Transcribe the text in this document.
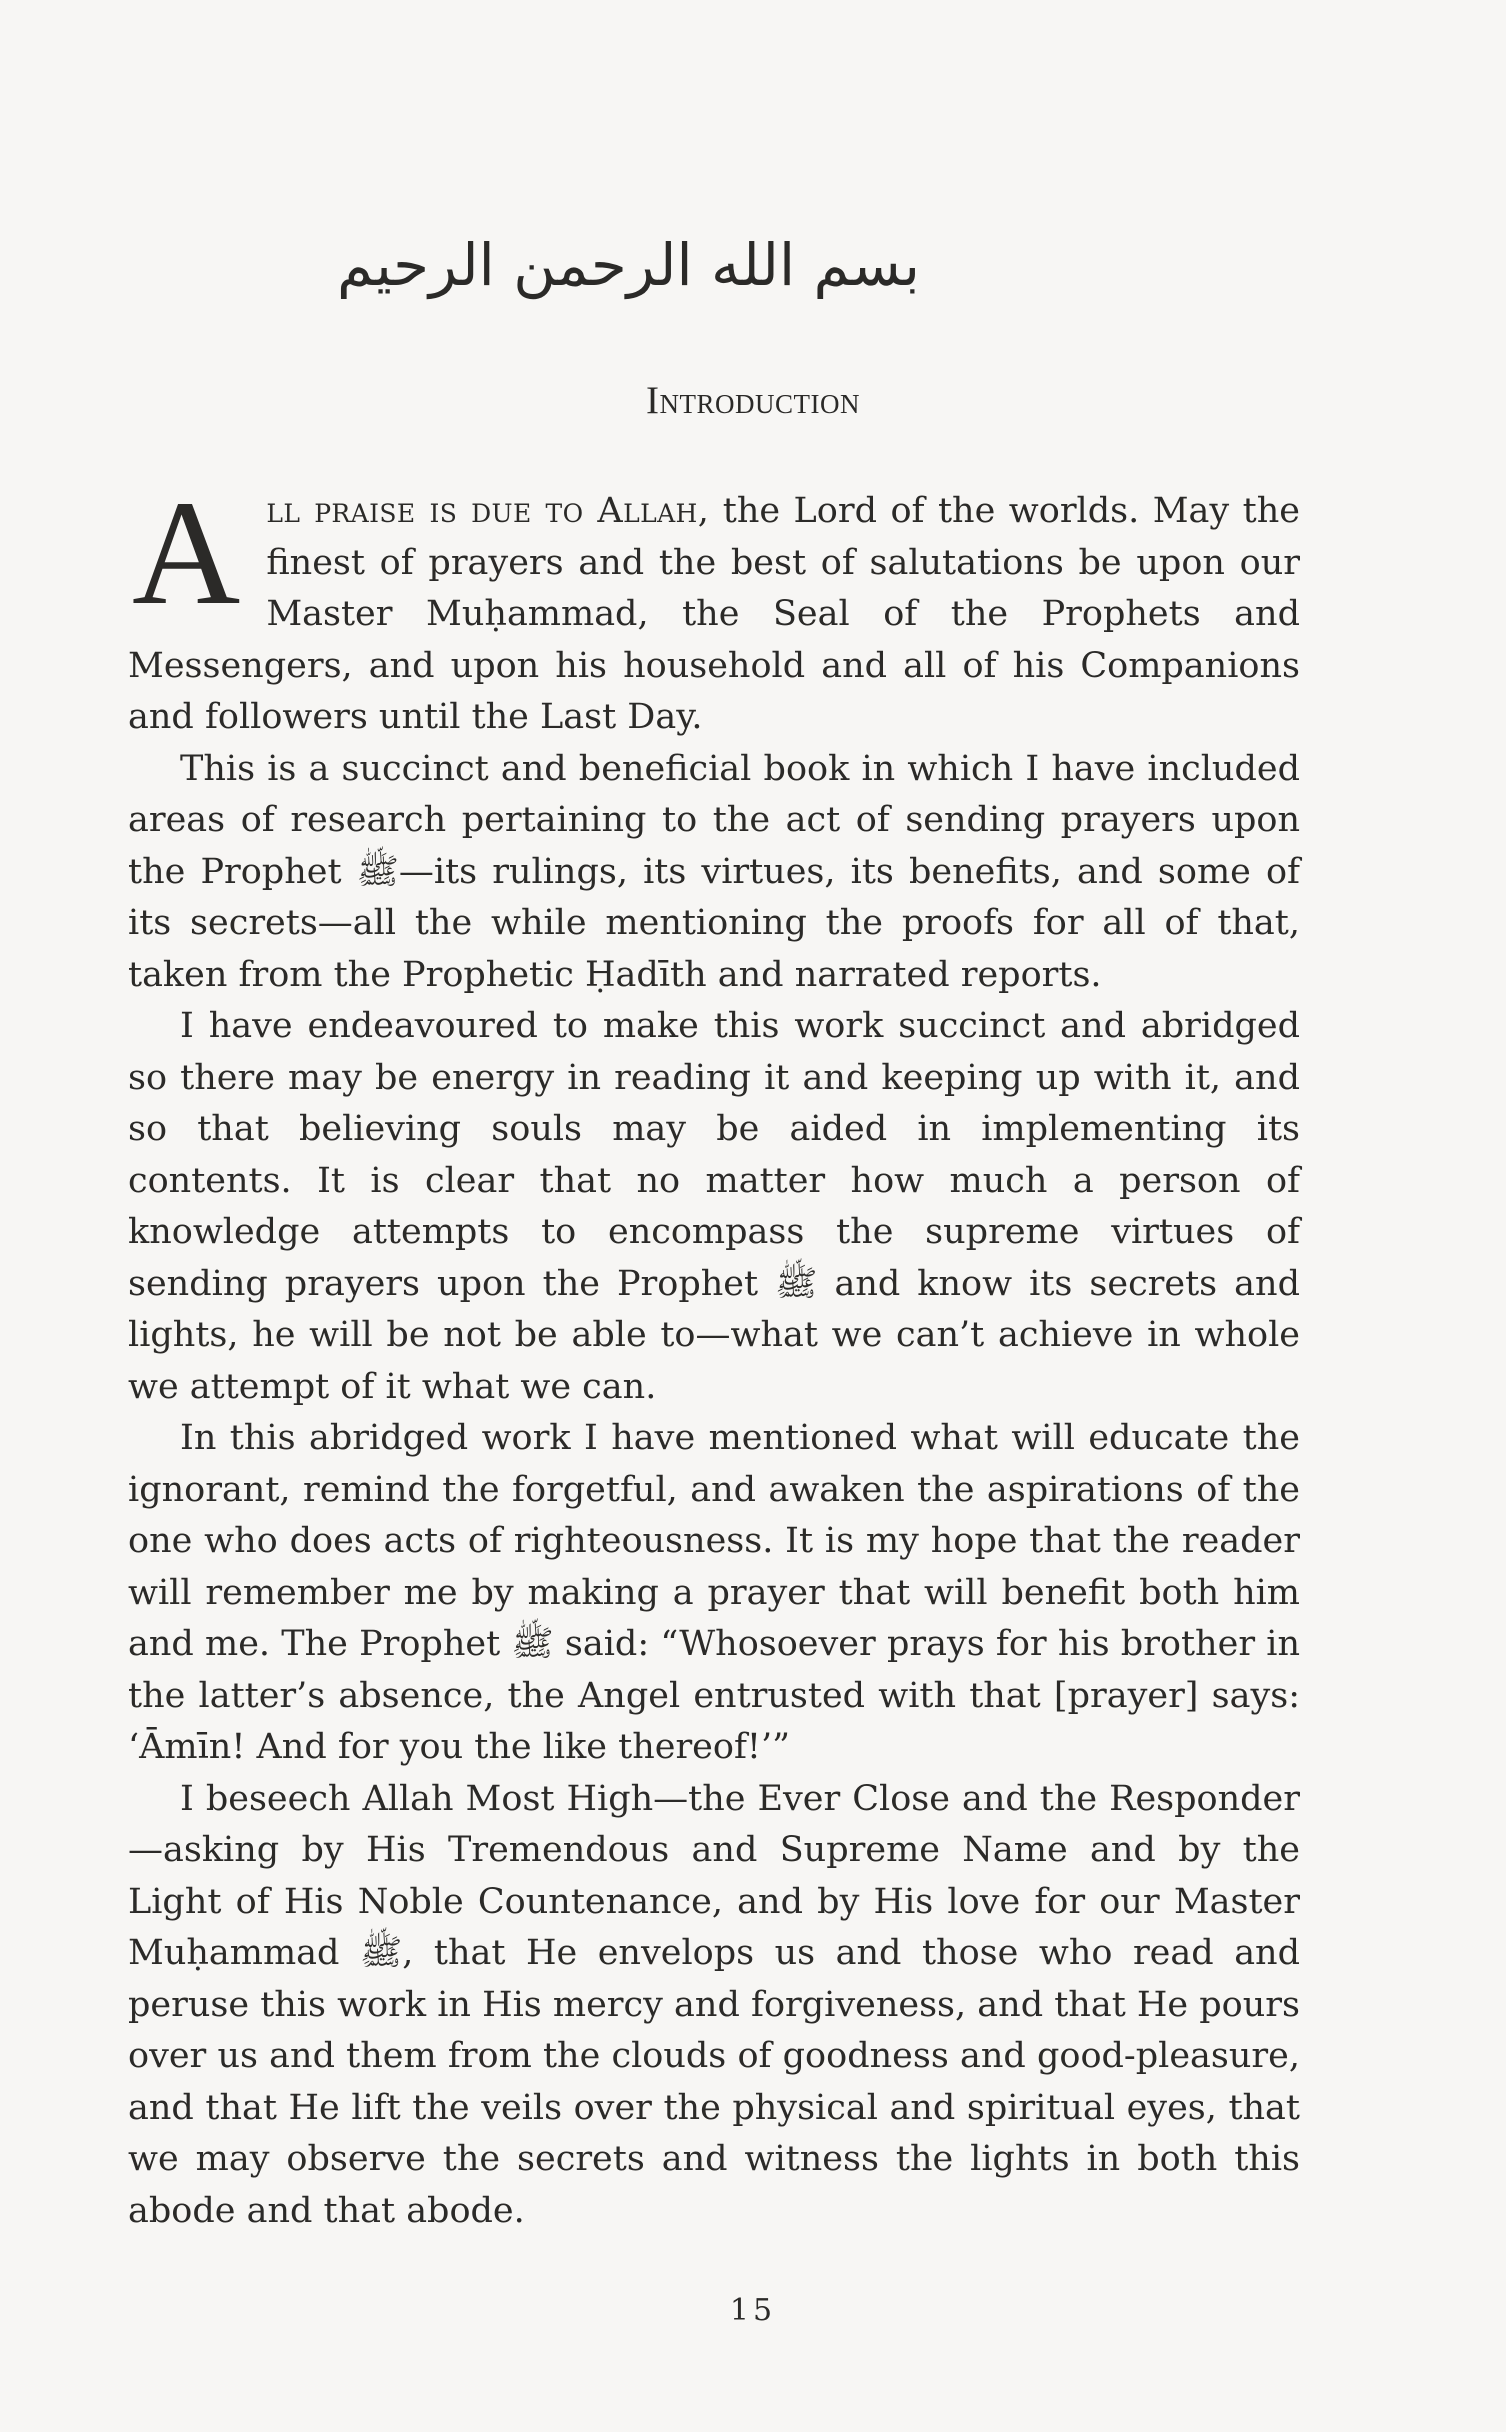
بسم الله الرحمن الرحيم
Introduction

All praise is due to Allah, the Lord of the worlds. May the finest of prayers and the best of salutations be upon our Master Muḥammad, the Seal of the Prophets and Messengers, and upon his household and all of his Companions and followers until the Last Day.

This is a succinct and beneficial book in which I have included areas of research pertaining to the act of sending prayers upon the Prophet ﷺ—its rulings, its virtues, its benefits, and some of its secrets—all the while mentioning the proofs for all of that, taken from the Prophetic Ḥadīth and narrated reports.

I have endeavoured to make this work succinct and abridged so there may be energy in reading it and keeping up with it, and so that believing souls may be aided in implementing its contents. It is clear that no matter how much a person of knowledge attempts to encompass the supreme virtues of sending prayers upon the Prophet ﷺ and know its secrets and lights, he will be not be able to—what we can’t achieve in whole we attempt of it what we can.

In this abridged work I have mentioned what will educate the ignorant, remind the forgetful, and awaken the aspirations of the one who does acts of righteousness. It is my hope that the reader will remember me by making a prayer that will benefit both him and me. The Prophet ﷺ said: “Whosoever prays for his brother in the latter’s absence, the Angel entrusted with that [prayer] says: ‘Āmīn! And for you the like thereof!’”

I beseech Allah Most High—the Ever Close and the Responder—asking by His Tremendous and Supreme Name and by the Light of His Noble Countenance, and by His love for our Master Muḥammad ﷺ, that He envelops us and those who read and peruse this work in His mercy and forgiveness, and that He pours over us and them from the clouds of goodness and good-pleasure, and that He lift the veils over the physical and spiritual eyes, that we may observe the secrets and witness the lights in both this abode and that abode.

15
